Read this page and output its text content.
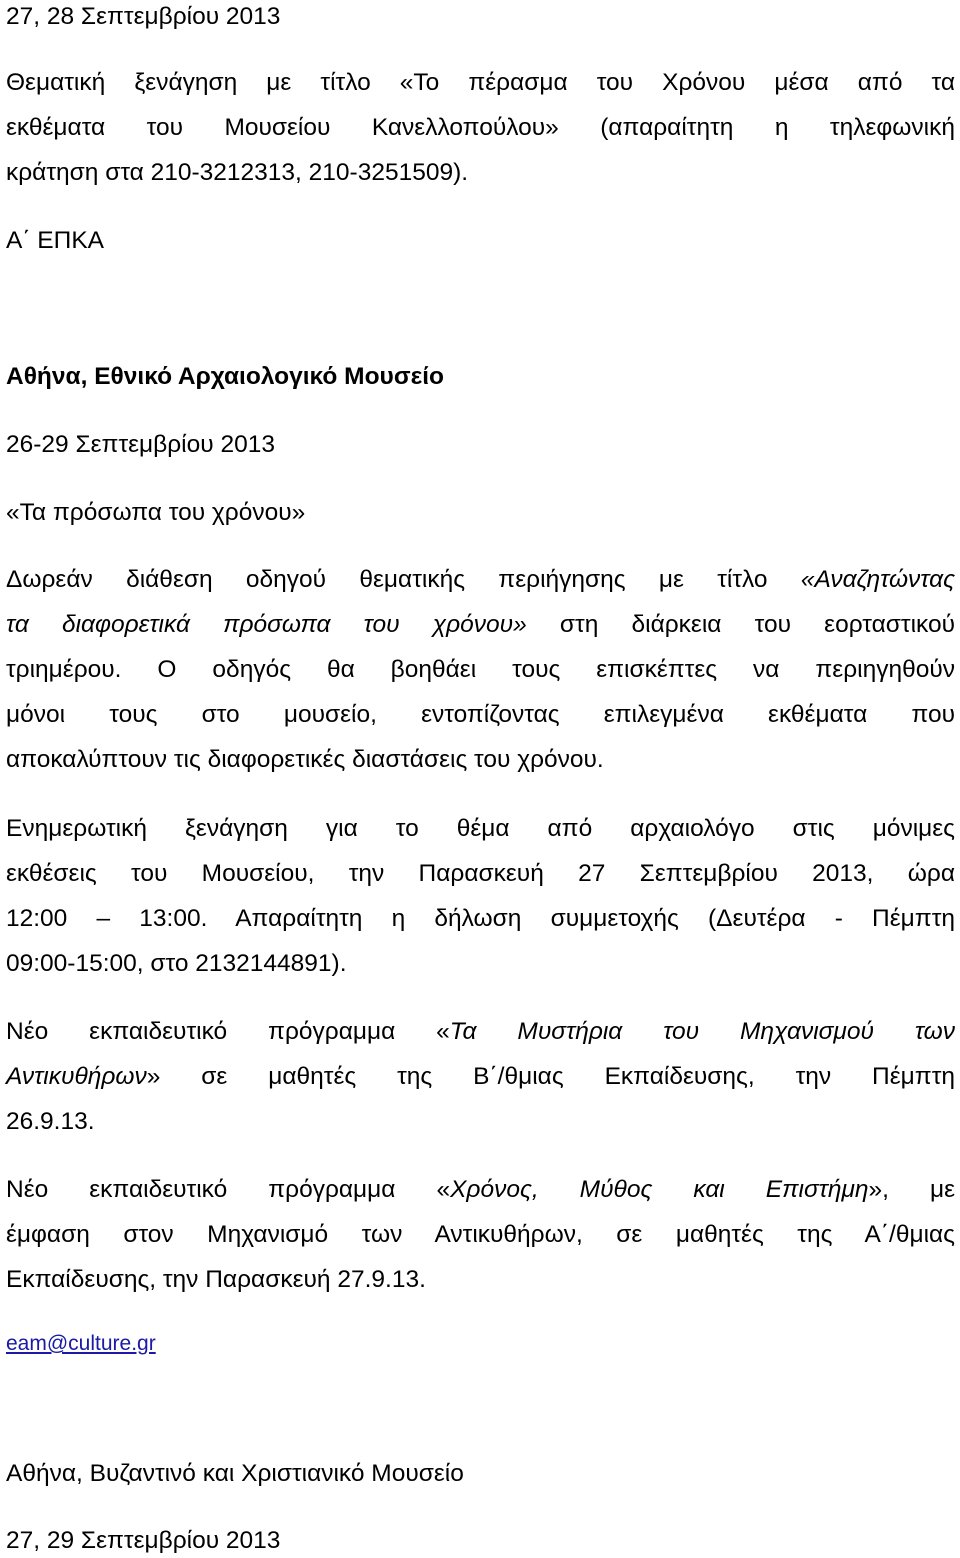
27, 28 Σεπτεμβρίου 2013
Θεματική ξενάγηση με τίτλο «Το πέρασμα του Χρόνου μέσα από τα
εκθέματα του Μουσείου Κανελλοπούλου» (απαραίτητη η τηλεφωνική
κράτηση στα 210-3212313, 210-3251509).
Α΄ ΕΠΚΑ
Αθήνα, Εθνικό Αρχαιολογικό Μουσείο
26-29 Σεπτεμβρίου 2013
«Τα πρόσωπα του χρόνου»
Δωρεάν διάθεση οδηγού θεματικής περιήγησης με τίτλο «Αναζητώντας
τα διαφορετικά πρόσωπα του χρόνου» στη διάρκεια του εορταστικού
τριημέρου. Ο οδηγός θα βοηθάει τους επισκέπτες να περιηγηθούν
μόνοι τους στο μουσείο, εντοπίζοντας επιλεγμένα εκθέματα που
αποκαλύπτουν τις διαφορετικές διαστάσεις του χρόνου.
Ενημερωτική ξενάγηση για το θέμα από αρχαιολόγο στις μόνιμες
εκθέσεις του Μουσείου, την Παρασκευή 27 Σεπτεμβρίου 2013, ώρα
12:00 – 13:00. Απαραίτητη η δήλωση συμμετοχής (Δευτέρα - Πέμπτη
09:00-15:00, στο 2132144891).
Νέο εκπαιδευτικό πρόγραμμα «Τα Μυστήρια του Μηχανισμού των
Αντικυθήρων» σε μαθητές της Β΄/θμιας Εκπαίδευσης, την Πέμπτη
26.9.13.
Νέο εκπαιδευτικό πρόγραμμα «Χρόνος, Μύθος και Επιστήμη», με
έμφαση στον Μηχανισμό των Αντικυθήρων, σε μαθητές της Α΄/θμιας
Εκπαίδευσης, την Παρασκευή 27.9.13.
eam@culture.gr
Αθήνα, Βυζαντινό και Χριστιανικό Μουσείο
27, 29 Σεπτεμβρίου 2013
